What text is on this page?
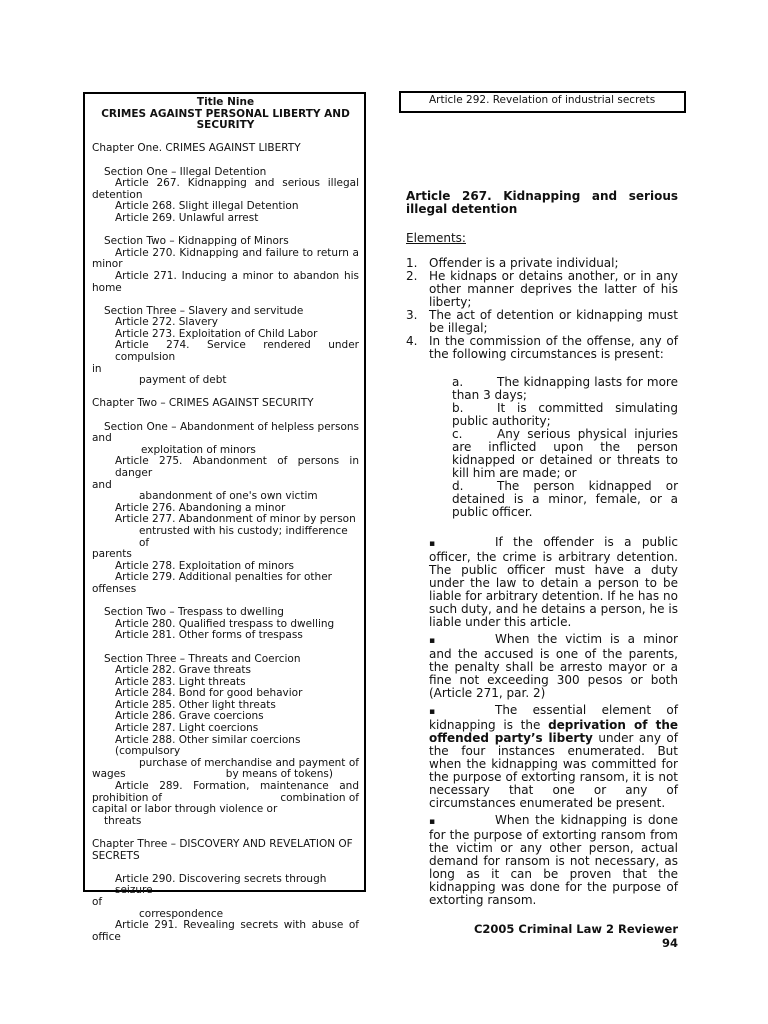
Title Nine
CRIMES AGAINST PERSONAL LIBERTY AND SECURITY
Chapter One. CRIMES AGAINST LIBERTY
Section One – Illegal Detention
Article 267. Kidnapping and serious illegal
detention
Article 268. Slight illegal Detention
Article 269. Unlawful arrest
Section Two – Kidnapping of Minors
Article 270. Kidnapping and failure to return a
minor
Article 271. Inducing a minor to abandon his
home
Section Three – Slavery and servitude
Article 272. Slavery
Article 273. Exploitation of Child Labor
Article 274. Service rendered under compulsion
in
payment of debt
Chapter Two – CRIMES AGAINST SECURITY
Section One – Abandonment of helpless persons
and
exploitation of minors
Article 275. Abandonment of persons in danger
and
abandonment of one's own victim
Article 276. Abandoning a minor
Article 277. Abandonment of minor by person
entrusted with his custody; indifference of
parents
Article 278. Exploitation of minors
Article 279. Additional penalties for other
offenses
Section Two – Trespass to dwelling
Article 280. Qualified trespass to dwelling
Article 281. Other forms of trespass
Section Three – Threats and Coercion
Article 282. Grave threats
Article 283. Light threats
Article 284. Bond for good behavior
Article 285. Other light threats
Article 286. Grave coercions
Article 287. Light coercions
Article 288. Other similar coercions (compulsory
purchase of merchandise and payment of
wages	by means of tokens)
Article 289. Formation, maintenance and
prohibition of	combination of
capital or labor through violence or
threats
Chapter Three – DISCOVERY AND REVELATION OF SECRETS
Article 290. Discovering secrets through seizure
of
correspondence
Article 291. Revealing secrets with abuse of
office
Article 292. Revelation of industrial secrets
Article 267. Kidnapping and serious illegal detention
Elements:
1. Offender is a private individual;
2. He kidnaps or detains another, or in any other manner deprives the latter of his liberty;
3. The act of detention or kidnapping must be illegal;
4. In the commission of the offense, any of the following circumstances is present:
a.	The kidnapping lasts for more than 3 days;
b.	It is committed simulating public authority;
c.	Any serious physical injuries are inflicted upon the person kidnapped or detained or threats to kill him are made; or
d.	The person kidnapped or detained is a minor, female, or a public officer.
▪	If the offender is a public officer, the crime is arbitrary detention. The public officer must have a duty under the law to detain a person to be liable for arbitrary detention. If he has no such duty, and he detains a person, he is liable under this article.
▪	When the victim is a minor and the accused is one of the parents, the penalty shall be arresto mayor or a fine not exceeding 300 pesos or both (Article 271, par. 2)
▪	The essential element of kidnapping is the deprivation of the offended party’s liberty under any of the four instances enumerated. But when the kidnapping was committed for the purpose of extorting ransom, it is not necessary that one or any of circumstances enumerated be present.
▪	When the kidnapping is done for the purpose of extorting ransom from the victim or any other person, actual demand for ransom is not necessary, as long as it can be proven that the kidnapping was done for the purpose of extorting ransom.
C2005 Criminal Law 2 Reviewer
94
